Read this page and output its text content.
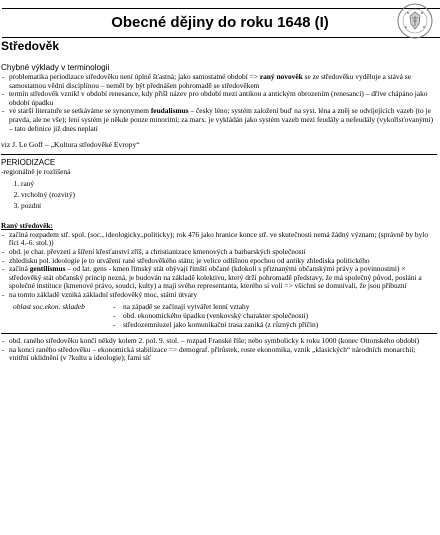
Obecné dějiny do roku 1648 (I)
Středověk
Chybné výklady v terminologii
- problematika periodizace středověku není úplně šťastná; jako samostatné období => raný novověk se ze středověku vyděluje a stává se samostatnou vědní disciplínou – neměl by být přednášen pohromadě se středověkem
- termín středověk vznikl v období renesance, kdy přišl název pro období mezi antikou a antickým obrozením (renesancí) – dříve chápáno jako období úpadku
- ve starší literatuře se setkáváme se synonymem feudalismus – česky léno; systém založení buď na syst. léna a zněj se odvíjejících vazeb (to je pravda, ale ne vše); lení systém je někde pouze minoritní; za marx. je vykládán jako systém vazeb mezi feudály a nefeudály (vykořisťovanými) – tato definice již dnes neplatí
viz J. Le Goff – „Kultura středověké Evropy“
PERIODIZACE
-regionálně je rozlišená
1. raný
2. vrcholný (rozvitý)
3. pozdní
Raný středověk:
- začíná rozpadem stř. spol. (soc., ideologicky.,politicky); rok 476 jako hranice konce stř. ve skutečnosti nemá žádný význam; (správně by bylo říci 4.-6. stol.))
- obd. je char. převzetí a šíření křesťanství zříš, a christianizace kmenových a barbarských společností
- zhledisku pol. ideologie je to utváření rané středověkého státu; je velice odlišnou epochou od antiky zhlediska politického
- začíná gentilismus – od lat. gens - kmen římský stát obývají římští občané (kdokoli s přiznanými občanskými právy a povinnostmi) × středověký stát občanský princip nezná, je budován na základě kolektivu, který drží pohromadě představy, že má společný původ, posláni a společné instituce (kmenové právo, soudci, kulty) a mají svého representanta, kterého si volí => všichni se domnívali, že jsou příbuzní
- na tomto základě vzniká základní středověký moc, státní útvary
oblast soc.ekon. skladeb
-	na západě se začínají vytvářet lenní vztahy
- obd. ekonomického úpadku (venkovský charakter společnosti)
- středozemníuzel jako komunikační trasa zaniká (z různých příčin)
- obd. raného středověku končí někdy kolem 2. pol. 9. stol. – rozpad Franské říše; nebo symbolicky k roku 1000 (konec Ottonského období)
- na konci raného středověku – ekonomická stabilizace => demograf. přírůstek, roste ekonomika, vznik „klasických“ národních monarchií; vnitřní uklidnění (v ?kultu a ideologie); fami síť
